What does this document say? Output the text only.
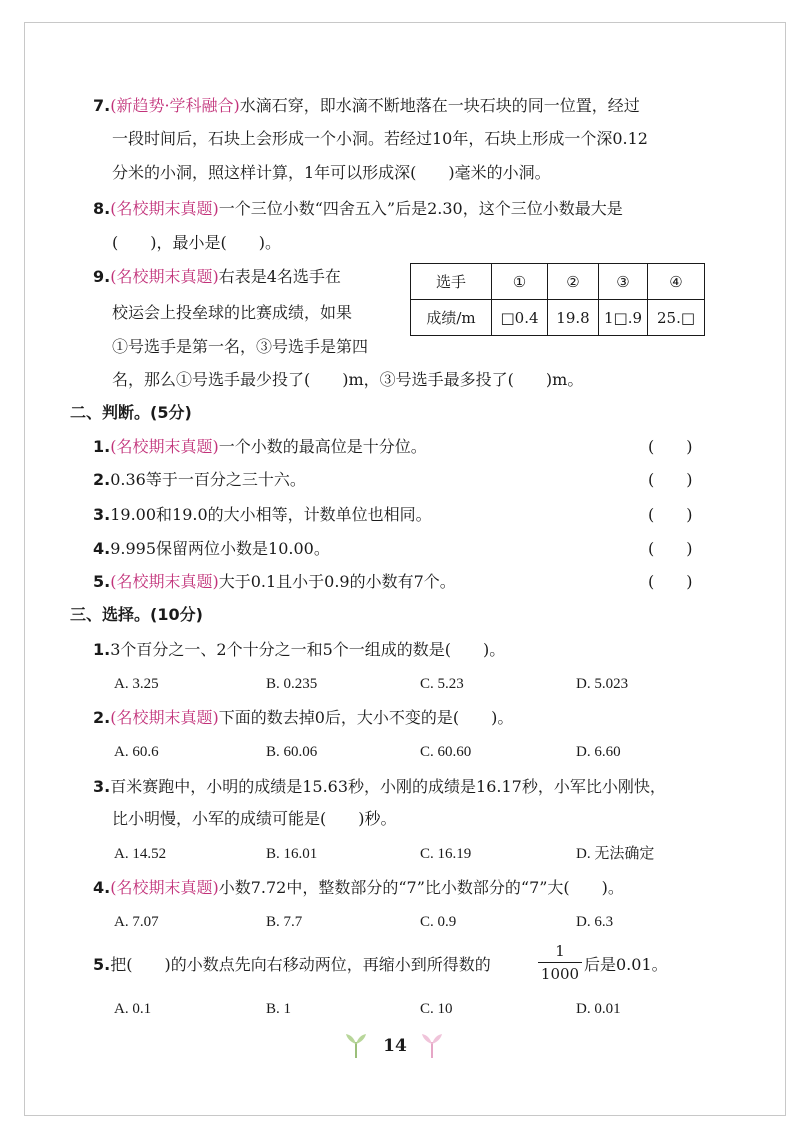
7.(新趋势·学科融合)水滴石穿，即水滴不断地落在一块石块的同一位置，经过
一段时间后，石块上会形成一个小洞。若经过10年，石块上形成一个深0.12
分米的小洞，照这样计算，1年可以形成深(　　)毫米的小洞。
8.(名校期末真题)一个三位小数“四舍五入”后是2.30，这个三位小数最大是
(　　)，最小是(　　)。
9.(名校期末真题)右表是4名选手在
校运会上投垒球的比赛成绩，如果
①号选手是第一名，③号选手是第四
名，那么①号选手最少投了(　　)m，③号选手最多投了(　　)m。
选手	①	②	③	④
成绩/m	□0.4	19.8	1□.9	25.□
二、判断。(5分)
1.(名校期末真题)一个小数的最高位是十分位。	(　　)
2.0.36等于一百分之三十六。	(　　)
3.19.00和19.0的大小相等，计数单位也相同。	(　　)
4.9.995保留两位小数是10.00。	(　　)
5.(名校期末真题)大于0.1且小于0.9的小数有7个。	(　　)
三、选择。(10分)
1.3个百分之一、2个十分之一和5个一组成的数是(　　)。
A. 3.25	B. 0.235	C. 5.23	D. 5.023
2.(名校期末真题)下面的数去掉0后，大小不变的是(　　)。
A. 60.6	B. 60.06	C. 60.60	D. 6.60
3.百米赛跑中，小明的成绩是15.63秒，小刚的成绩是16.17秒，小军比小刚快，
比小明慢，小军的成绩可能是(　　)秒。
A. 14.52	B. 16.01	C. 16.19	D. 无法确定
4.(名校期末真题)小数7.72中，整数部分的“7”比小数部分的“7”大(　　)。
A. 7.07	B. 7.7	C. 0.9	D. 6.3
5.把(　　)的小数点先向右移动两位，再缩小到所得数的
1
1000 后是0.01。
A. 0.1	B. 1	C. 10	D. 0.01
14
